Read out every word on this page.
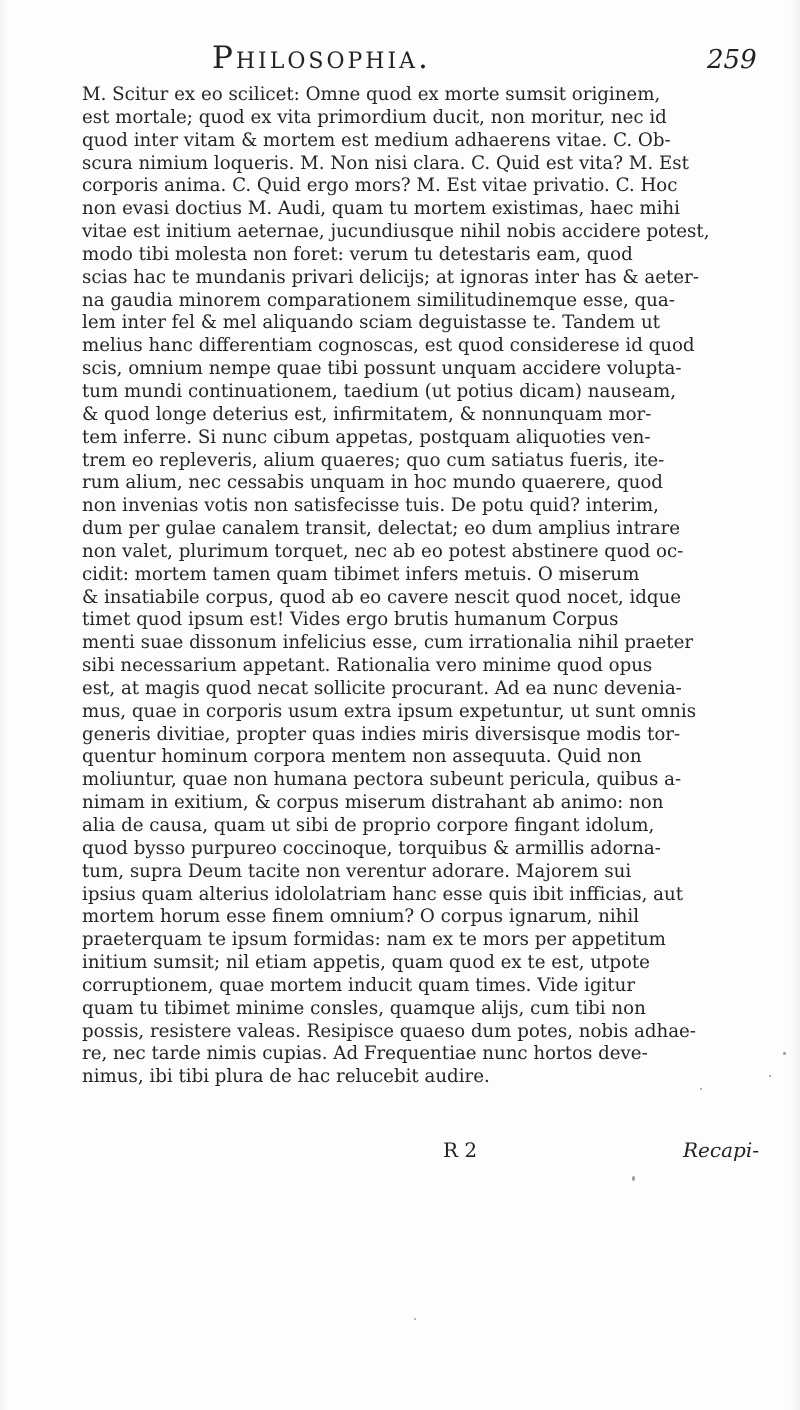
Philosophia.	259
M. Scitur ex eo scilicet: Omne quod ex morte sumsit originem,
est mortale; quod ex vita primordium ducit, non moritur, nec id
quod inter vitam & mortem est medium adhaerens vitae. C. Ob-
scura nimium loqueris. M. Non nisi clara. C. Quid est vita? M. Est
corporis anima. C. Quid ergo mors? M. Est vitae privatio. C. Hoc
non evasi doctius M. Audi, quam tu mortem existimas, haec mihi
vitae est initium aeternae, jucundiusque nihil nobis accidere potest,
modo tibi molesta non foret: verum tu detestaris eam, quod
scias hac te mundanis privari delicijs; at ignoras inter has & aeter-
na gaudia minorem comparationem similitudinemque esse, qua-
lem inter fel & mel aliquando sciam deguistasse te. Tandem ut
melius hanc differentiam cognoscas, est quod considerese id quod
scis, omnium nempe quae tibi possunt unquam accidere volupta-
tum mundi continuationem, taedium (ut potius dicam) nauseam,
& quod longe deterius est, infirmitatem, & nonnunquam mor-
tem inferre. Si nunc cibum appetas, postquam aliquoties ven-
trem eo repleveris, alium quaeres; quo cum satiatus fueris, ite-
rum alium, nec cessabis unquam in hoc mundo quaerere, quod
non invenias votis non satisfecisse tuis. De potu quid? interim,
dum per gulae canalem transit, delectat; eo dum amplius intrare
non valet, plurimum torquet, nec ab eo potest abstinere quod oc-
cidit: mortem tamen quam tibimet infers metuis. O miserum
& insatiabile corpus, quod ab eo cavere nescit quod nocet, idque
timet quod ipsum est! Vides ergo brutis humanum Corpus
menti suae dissonum infelicius esse, cum irrationalia nihil praeter
sibi necessarium appetant. Rationalia vero minime quod opus
est, at magis quod necat sollicite procurant. Ad ea nunc devenia-
mus, quae in corporis usum extra ipsum expetuntur, ut sunt omnis
generis divitiae, propter quas indies miris diversisque modis tor-
quentur hominum corpora mentem non assequuta. Quid non
moliuntur, quae non humana pectora subeunt pericula, quibus a-
nimam in exitium, & corpus miserum distrahant ab animo: non
alia de causa, quam ut sibi de proprio corpore fingant idolum,
quod bysso purpureo coccinoque, torquibus & armillis adorna-
tum, supra Deum tacite non verentur adorare. Majorem sui
ipsius quam alterius idololatriam hanc esse quis ibit infficias, aut
mortem horum esse finem omnium? O corpus ignarum, nihil
praeterquam te ipsum formidas: nam ex te mors per appetitum
initium sumsit; nil etiam appetis, quam quod ex te est, utpote
corruptionem, quae mortem inducit quam times. Vide igitur
quam tu tibimet minime consles, quamque alijs, cum tibi non
possis, resistere valeas. Resipisce quaeso dum potes, nobis adhae-
re, nec tarde nimis cupias. Ad Frequentiae nunc hortos deve-
nimus, ibi tibi plura de hac relucebit audire.
R 2	Recapi-
